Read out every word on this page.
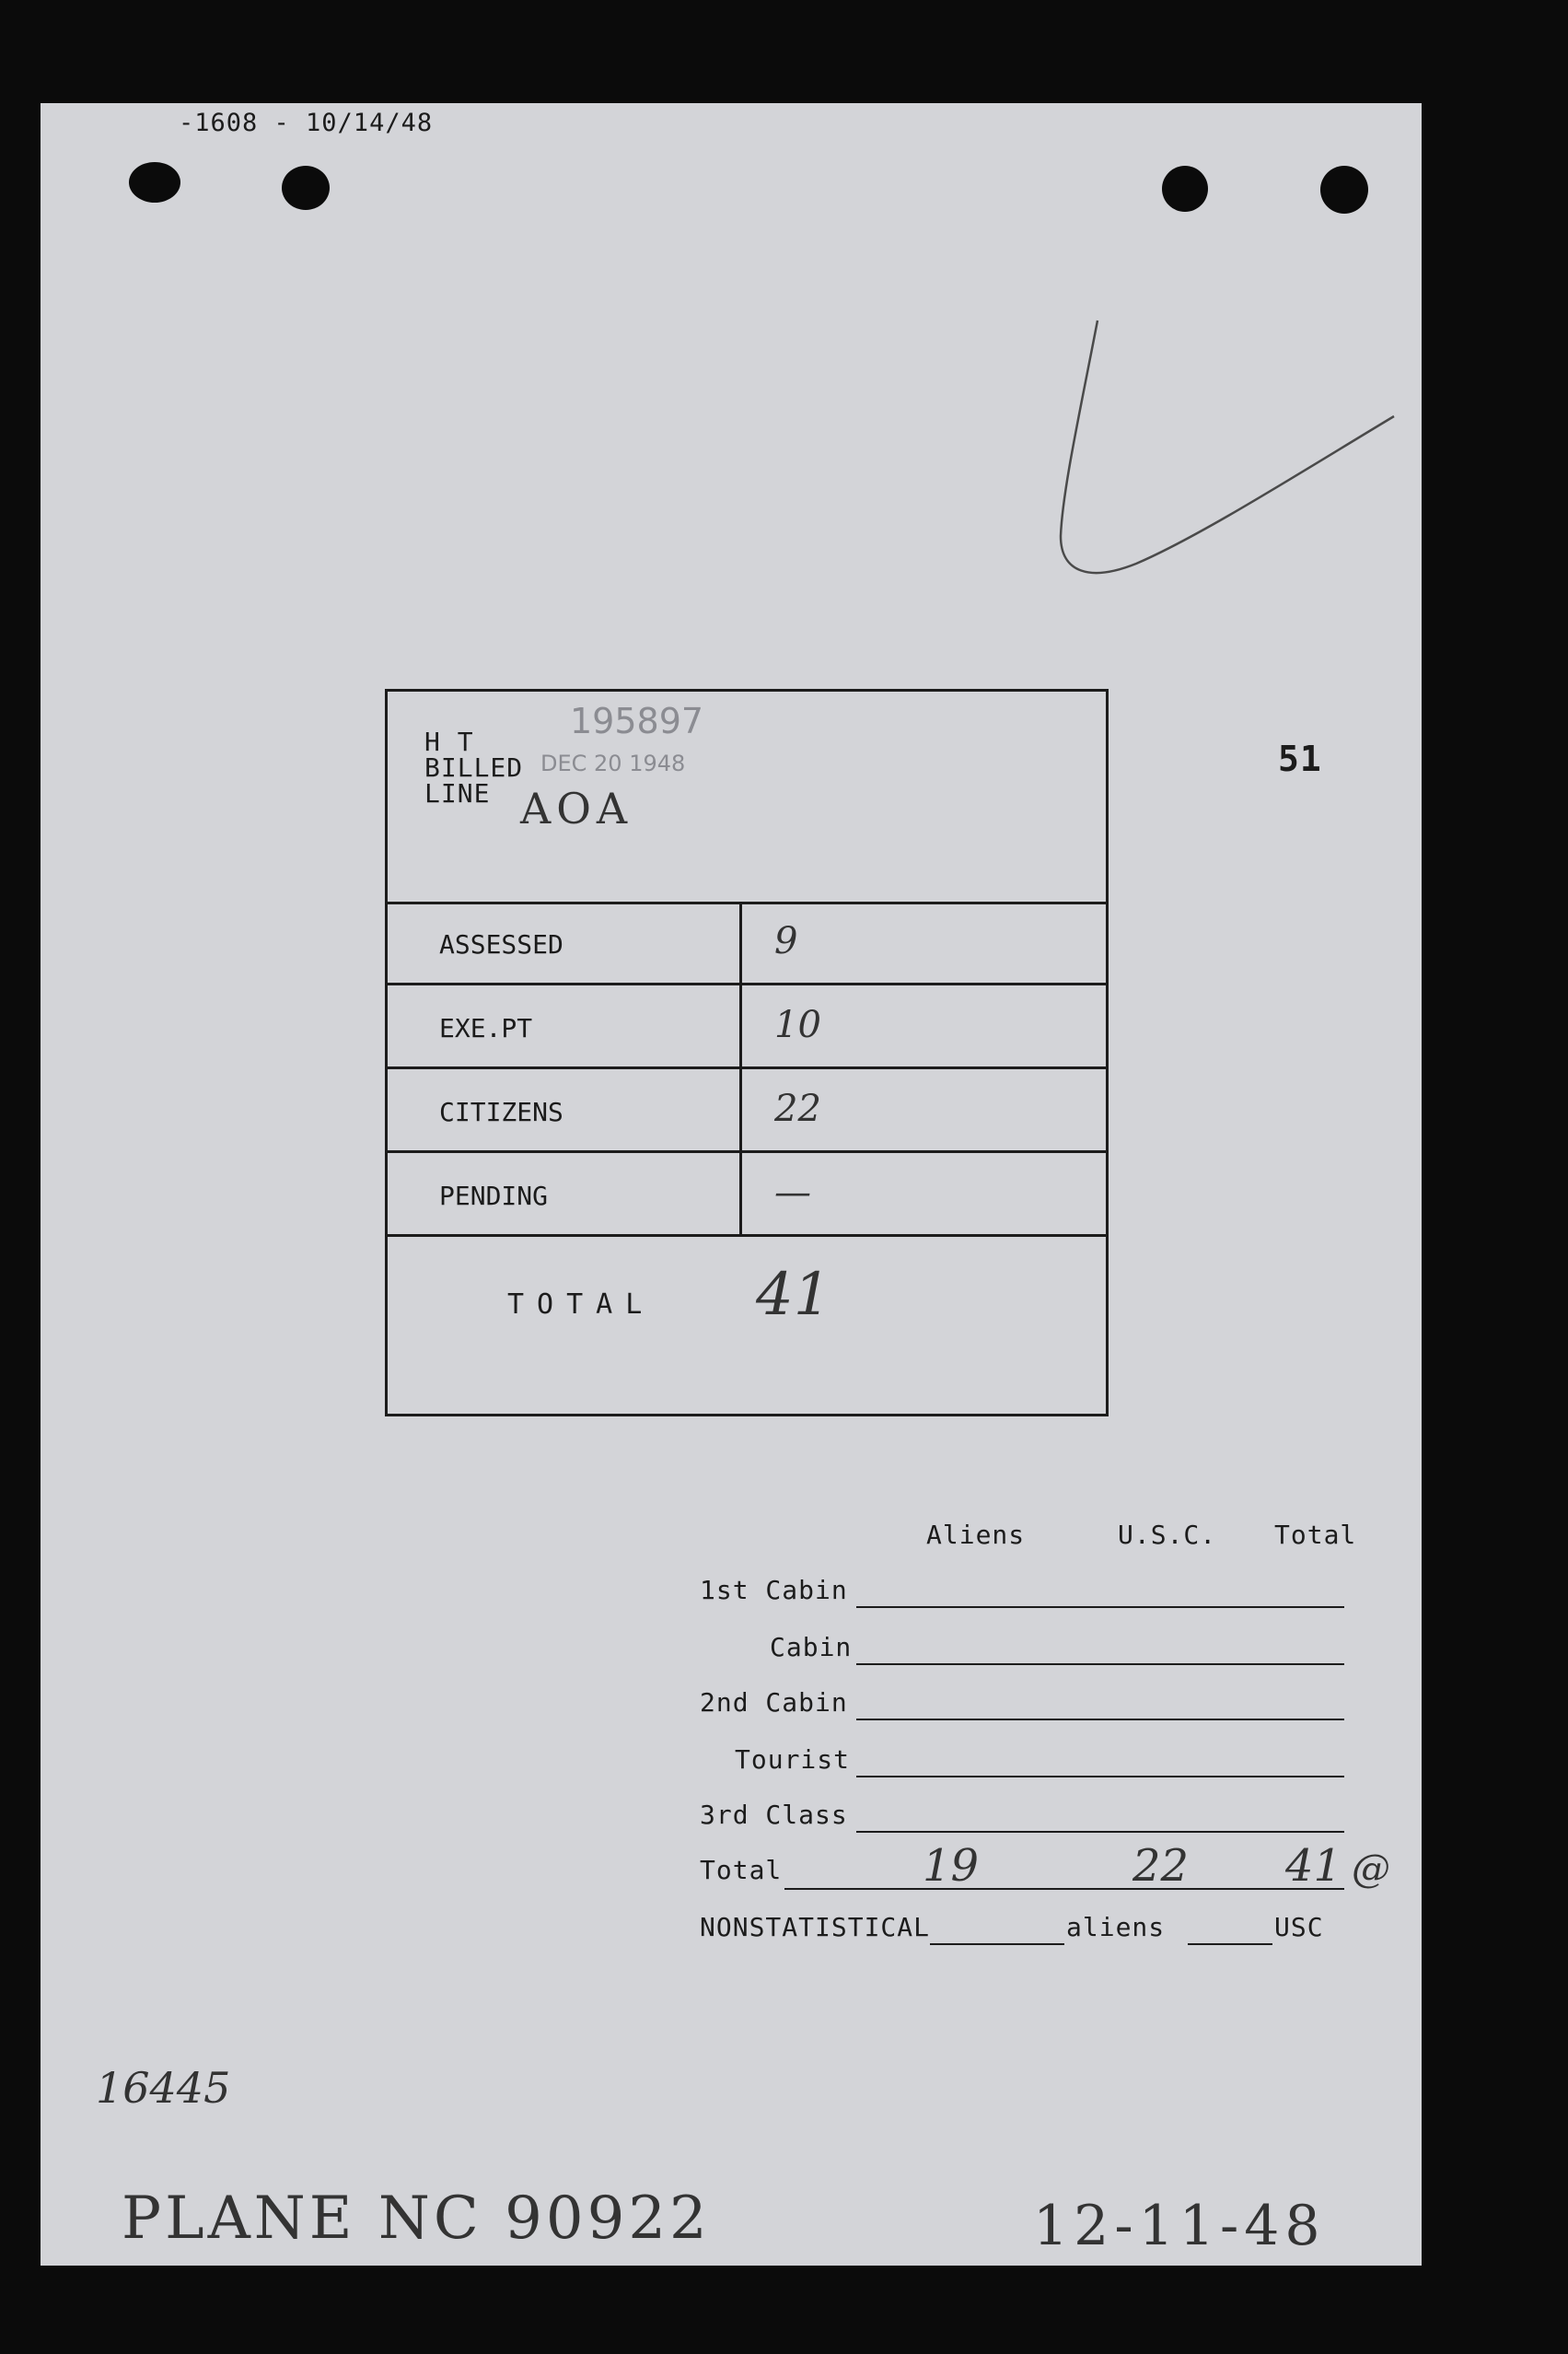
-1608 - 10/14/48
51
H T
BILLED
LINE
195897
DEC 20 1948
AOA
ASSESSED	9
EXE.PT	10
CITIZENS	22
PENDING	—
TOTAL 41
Aliens	U.S.C. Total
1st Cabin
Cabin
2nd Cabin
Tourist
3rd Class
Total	19	22 41 @
NONSTATISTICAL	aliens	USC
16445
PLANE NC 90922	12-11-48
